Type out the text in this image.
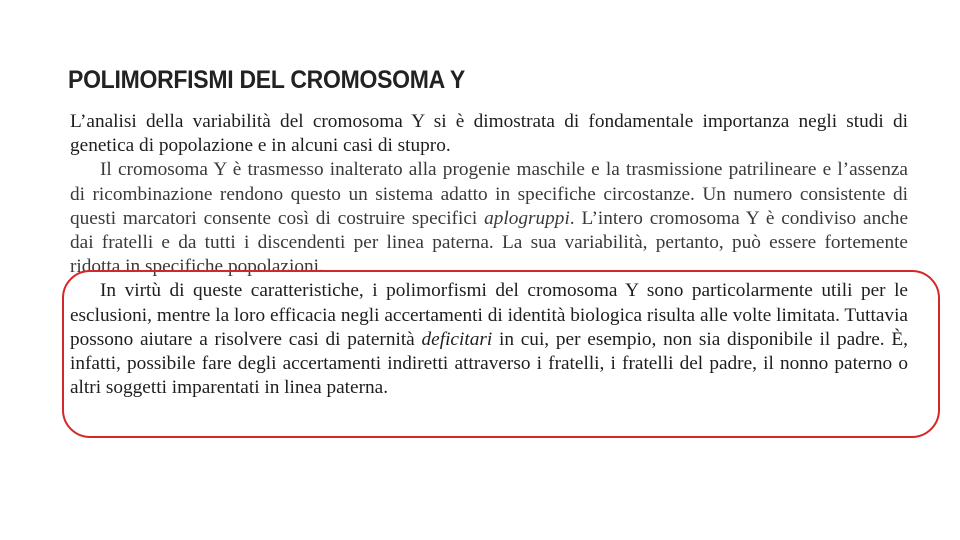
POLIMORFISMI DEL CROMOSOMA Y

L’analisi della variabilità del cromosoma Y si è dimostrata di fondamentale importanza negli studi di genetica di popolazione e in alcuni casi di stupro.

Il cromosoma Y è trasmesso inalterato alla progenie maschile e la trasmissione patrilineare e l’assenza di ricombinazione rendono questo un sistema adatto in specifiche circostanze. Un numero consistente di questi marcatori consente così di costruire specifici aplogruppi. L’intero cromosoma Y è condiviso anche dai fratelli e da tutti i discendenti per linea paterna. La sua variabilità, pertanto, può essere fortemente ridotta in specifiche popolazioni.

In virtù di queste caratteristiche, i polimorfismi del cromosoma Y sono particolarmente utili per le esclusioni, mentre la loro efficacia negli accertamenti di identità biologica risulta alle volte limitata. Tuttavia possono aiutare a risolvere casi di paternità deficitari in cui, per esempio, non sia disponibile il padre. È, infatti, possibile fare degli accertamenti indiretti attraverso i fratelli, i fratelli del padre, il nonno paterno o altri soggetti imparentati in linea paterna.
